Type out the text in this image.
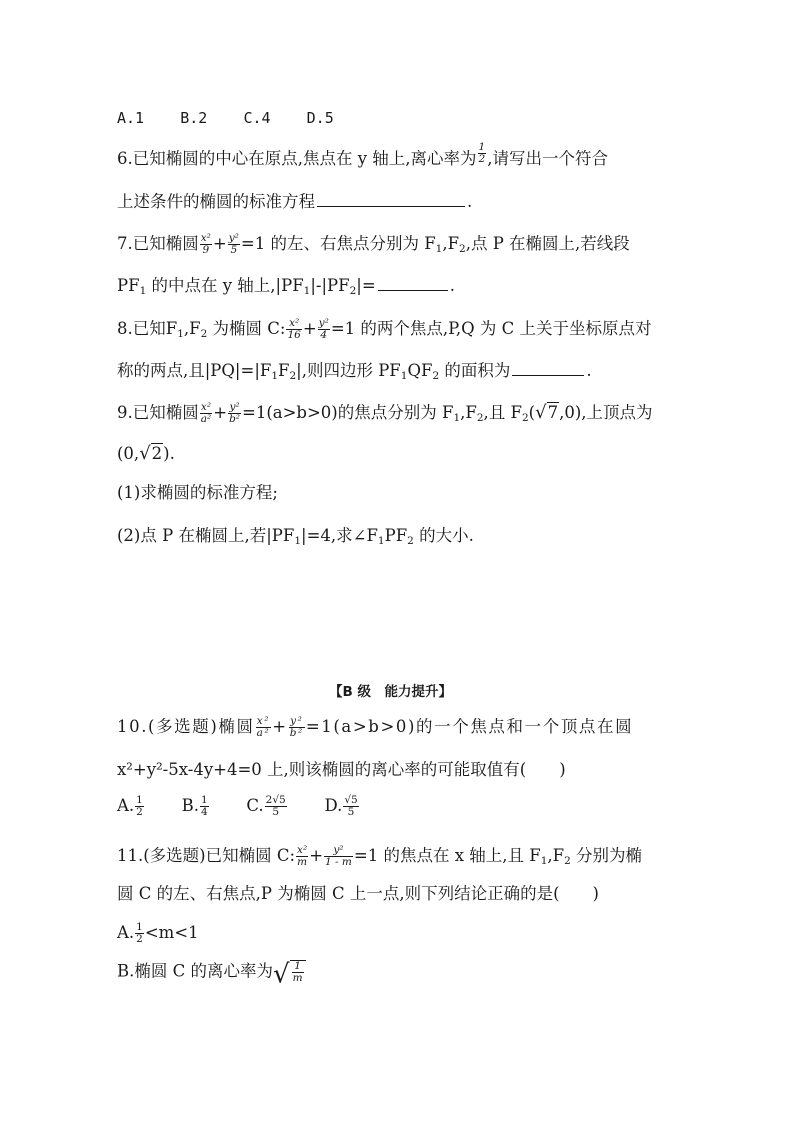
A.1 B.2 C.4 D.5
6.已知椭圆的中心在原点,焦点在 y 轴上,离心率为 $\frac{1}{2}$ ,请写出一个符合
上述条件的椭圆的标准方程	.
7.已知椭圆 $\frac{\text{x²}}{9} + \frac{\text{y²}}{5} =1$ 的左、右焦点分别为 $F_1,F_2$,点 P 在椭圆上,若线段
$PF_1$ 的中点在 y 轴上$,|PF_1|-|PF_2|=$	.
8.已知$F_1,F_2$ 为椭圆 C: $\frac{\text{x²}}{16} + \frac{\text{y²}}{4} =1$ 的两个焦点,P,Q 为 C 上关于坐标原点对
称的两点,且$|PQ|=|F_1F_2|$,则四边形 $PF_1QF_2$ 的面积为	.
9.已知椭圆 $\frac{\text{x²}}{\text{a²}} + \frac{\text{y²}}{\text{b²}} =1(a>b>0)$的焦点分别为 $F_1,F_2$,且 $F_2(√7,0)$,上顶点为
(0,√2).
(1)求椭圆的标准方程;
(2)点 P 在椭圆上,若$|PF_1|=4$,求$\angle F_1PF_2$ 的大小.
【B 级　能力提升】
10.(多选题)椭圆 $\frac{\text{x²}}{\text{a²}} + \frac{\text{y²}}{\text{b²}} =1(a>b>0)$的一个焦点和一个顶点在圆
x²+y²-5x-4y+4=0 上,则该椭圆的离心率的可能取值有(　　)
A. $\frac{1}{2} B$. $\frac{1}{4} C$. $\frac{2√5}{5} D$. $\frac{√5}{5}$
11.(多选题)已知椭圆 C: $\frac{\text{x²}}{m} + \frac{\text{y²}}{1 - m} =1$ 的焦点在 x 轴上,且 $F_1,F_2$ 分别为椭
圆 C 的左、右焦点,P 为椭圆 C 上一点,则下列结论正确的是(　　)
A. $\frac{1}{2} <m<1$
B.椭圆 C 的离心率为√ $\frac{1}{m}$
